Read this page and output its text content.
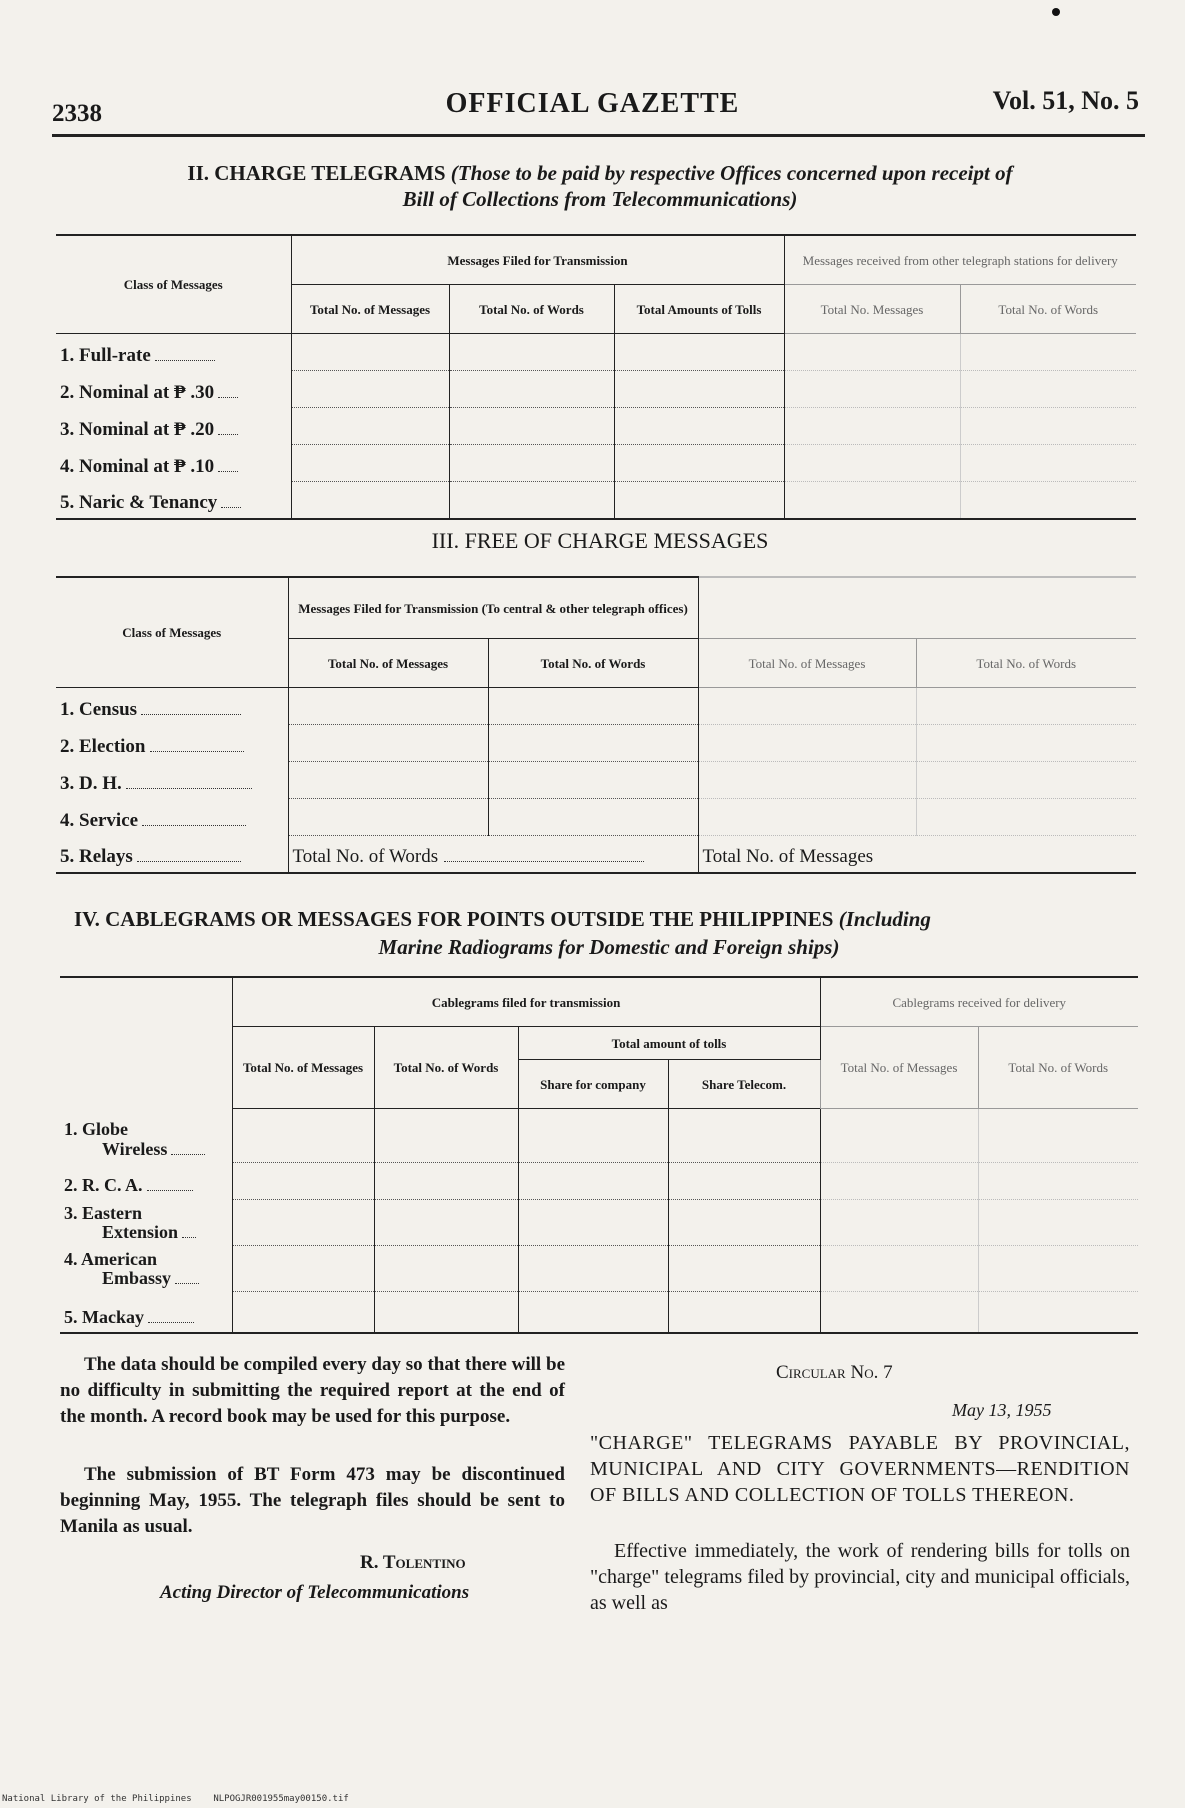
2338	OFFICIAL GAZETTE	Vol. 51, No. 5
II. CHARGE TELEGRAMS (Those to be paid by respective Offices concerned upon receipt of
Bill of Collections from Telecommunications)
Class of Messages	Messages Filed for Transmission			Messages received from other telegraph stations for delivery	
	Total No. of Messages	Total No. of Words	Total Amounts of Tolls	Total No. Messages	Total No. of Words
1. Full-rate					
2. Nominal at ₱ .30					
3. Nominal at ₱ .20					
4. Nominal at ₱ .10					
5. Naric & Tenancy					
III. FREE OF CHARGE MESSAGES
Class of Messages	Messages Filed for Transmission (To central & other telegraph offices)			
	Total No. of Messages	Total No. of Words	Total No. of Messages	Total No. of Words
1. Census				
2. Election				
3. D. H.				
4. Service				
5. Relays	Total No. of Words		Total No. of Messages	
IV. CABLEGRAMS OR MESSAGES FOR POINTS OUTSIDE THE PHILIPPINES (Including
Marine Radiograms for Domestic and Foreign ships)
	Cablegrams filed for transmission				Cablegrams received for delivery	
	Total No. of Messages	Total No. of Words	Total amount of tolls		Total No. of Messages	Total No. of Words
			Share for company	Share Telecom.		

1. Globe
Wireless						

2. R. C. A.						

3. Eastern
Extension						

4. American
Embassy						

5. Mackay						
The data should be compiled every day so that there will be no difficulty in submitting the required report at the end of the month. A record book may be used for this purpose.
The submission of BT Form 473 may be discontinued beginning May, 1955. The telegraph files should be sent to Manila as usual.
R. Tolentino
Acting Director of Telecommunications
Circular No. 7
May 13, 1955
"CHARGE" TELEGRAMS PAYABLE BY PROVINCIAL, MUNICIPAL AND CITY GOVERNMENTS—RENDITION OF BILLS AND COLLECTION OF TOLLS THEREON.
Effective immediately, the work of rendering bills for tolls on "charge" telegrams filed by provincial, city and municipal officials, as well as
National Library of the Philippines    NLPOGJR001955may00150.tif
